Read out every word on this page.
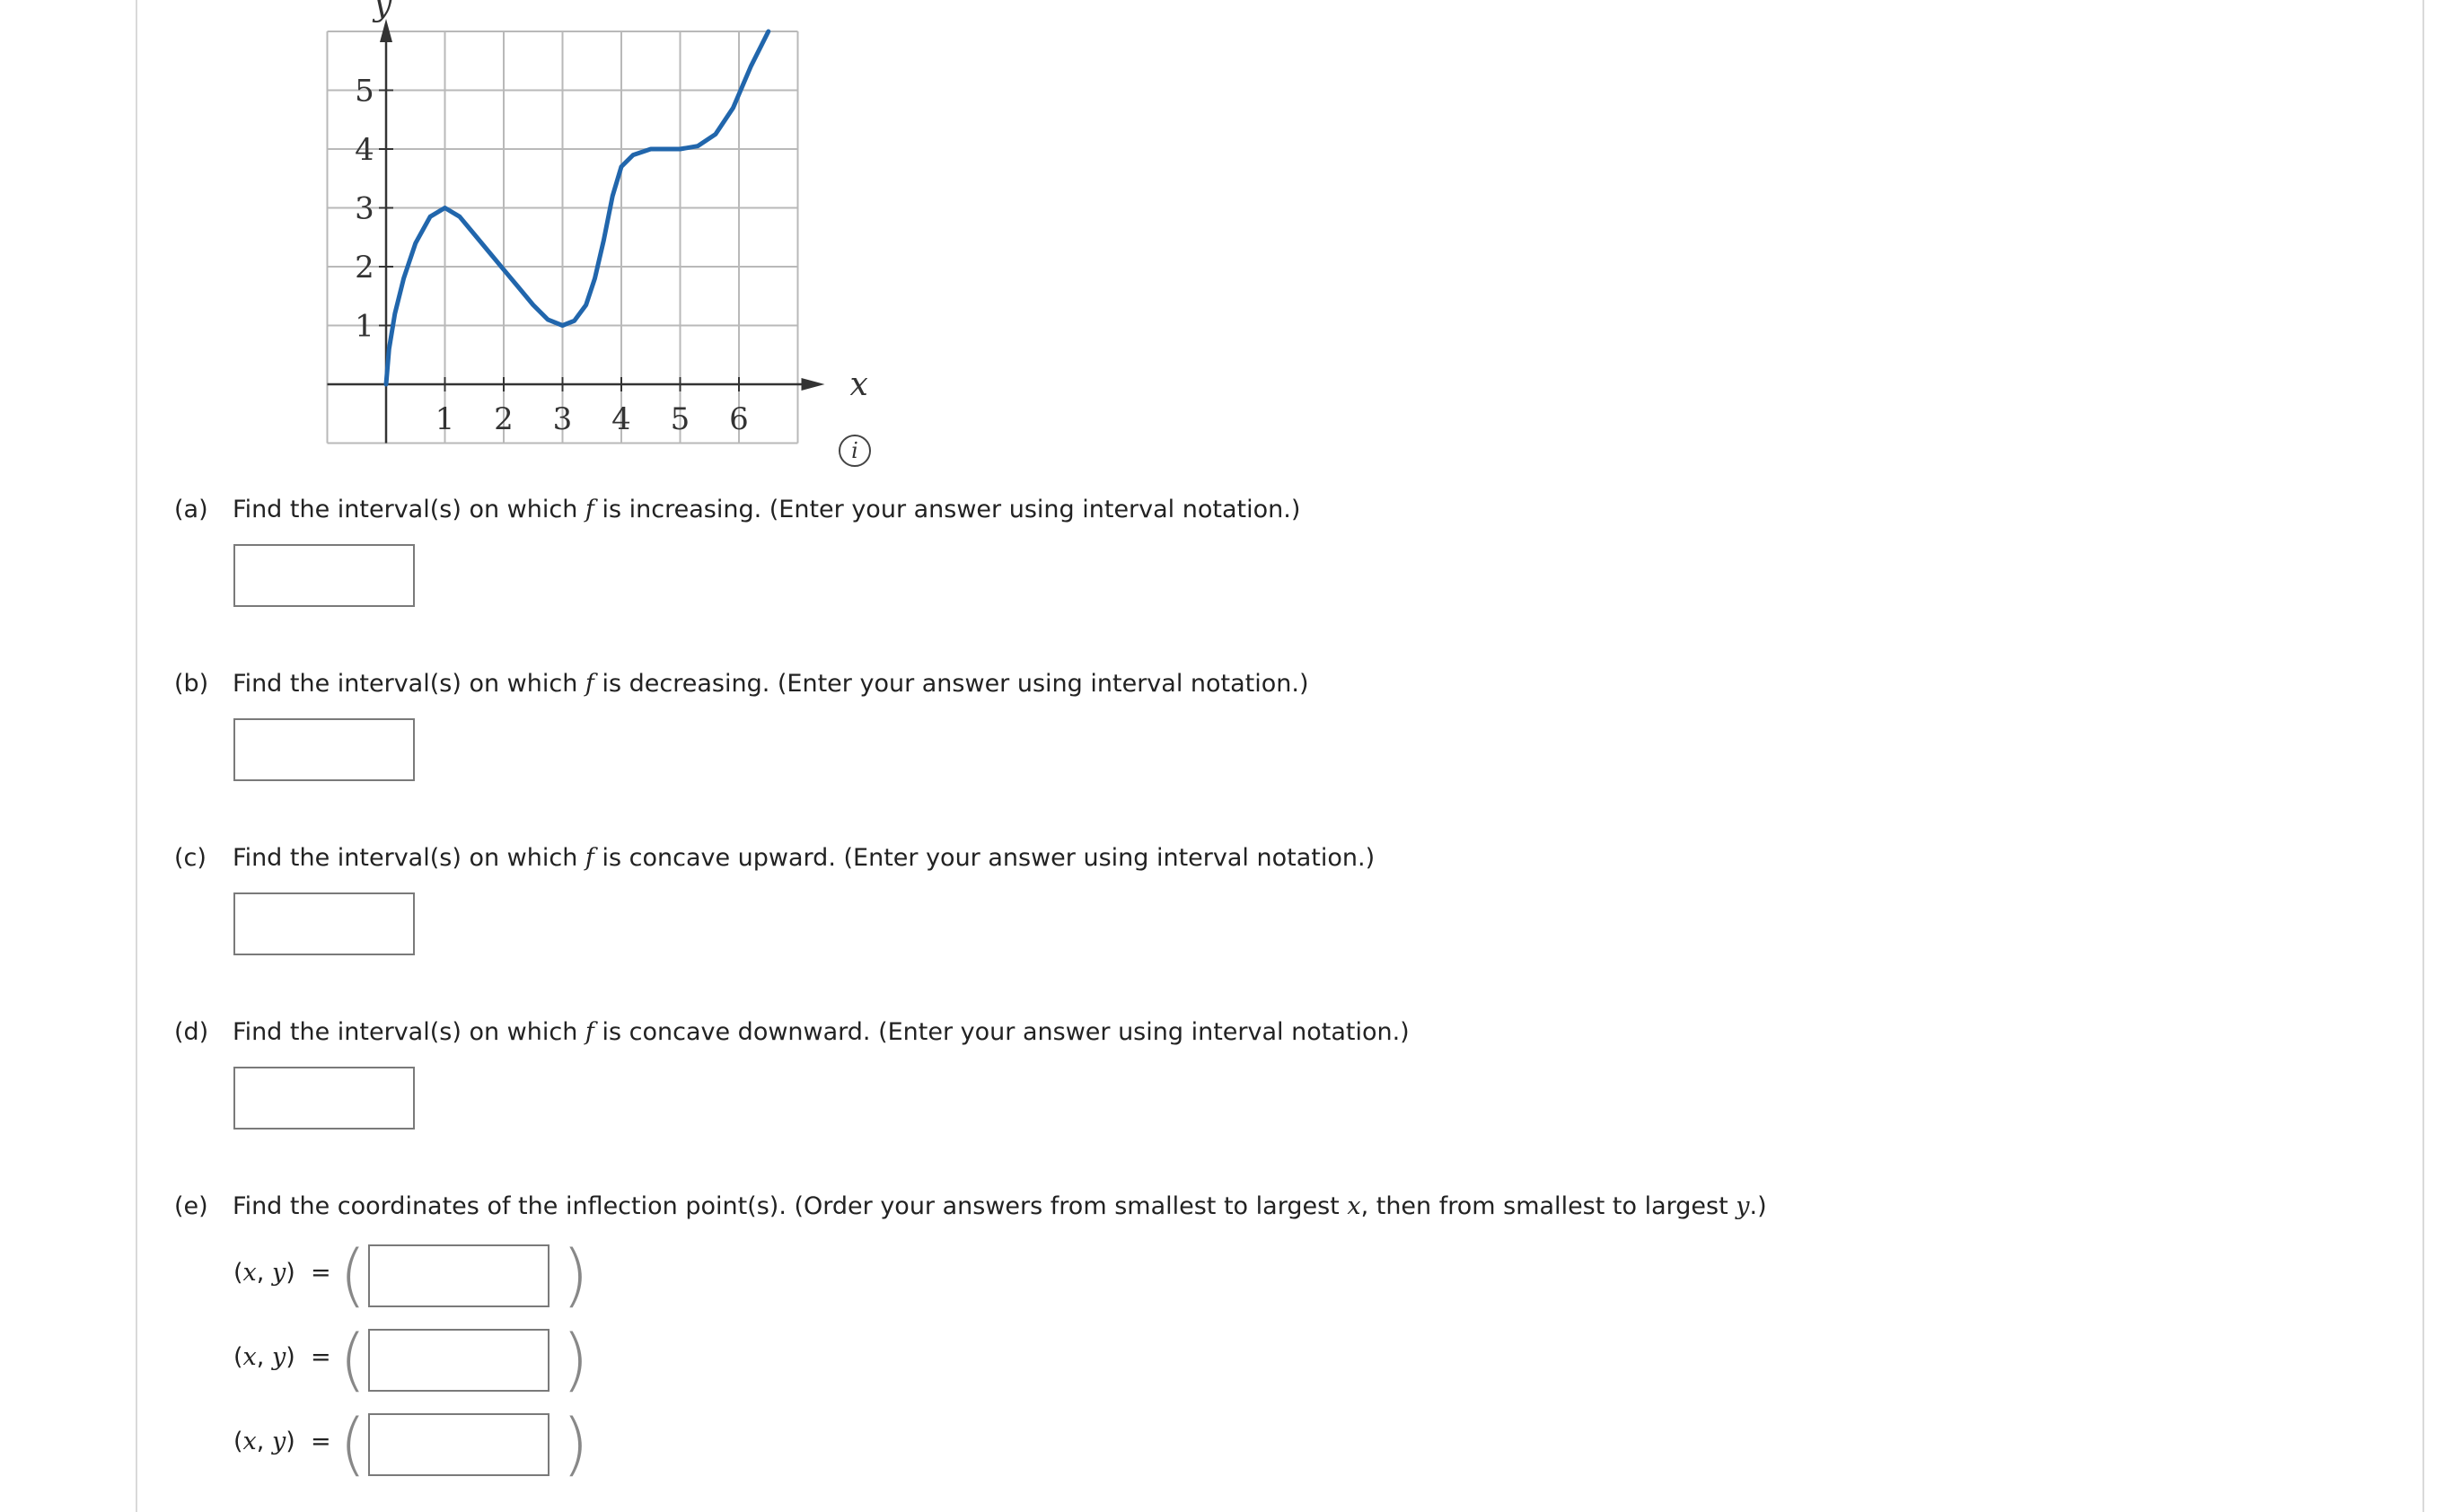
1 2 3 4 5 6
1
2
3
4
5
x
y
i
(a) Find the interval(s) on which f is increasing. (Enter your answer using interval notation.)
(b) Find the interval(s) on which f is decreasing. (Enter your answer using interval notation.)
(c) Find the interval(s) on which f is concave upward. (Enter your answer using interval notation.)
(d) Find the interval(s) on which f is concave downward. (Enter your answer using interval notation.)
(e) Find the coordinates of the inflection point(s). (Order your answers from smallest to largest x, then from smallest to largest y.)
(x, y) = (	)
(x, y) = (	)
(x, y) = (	)
